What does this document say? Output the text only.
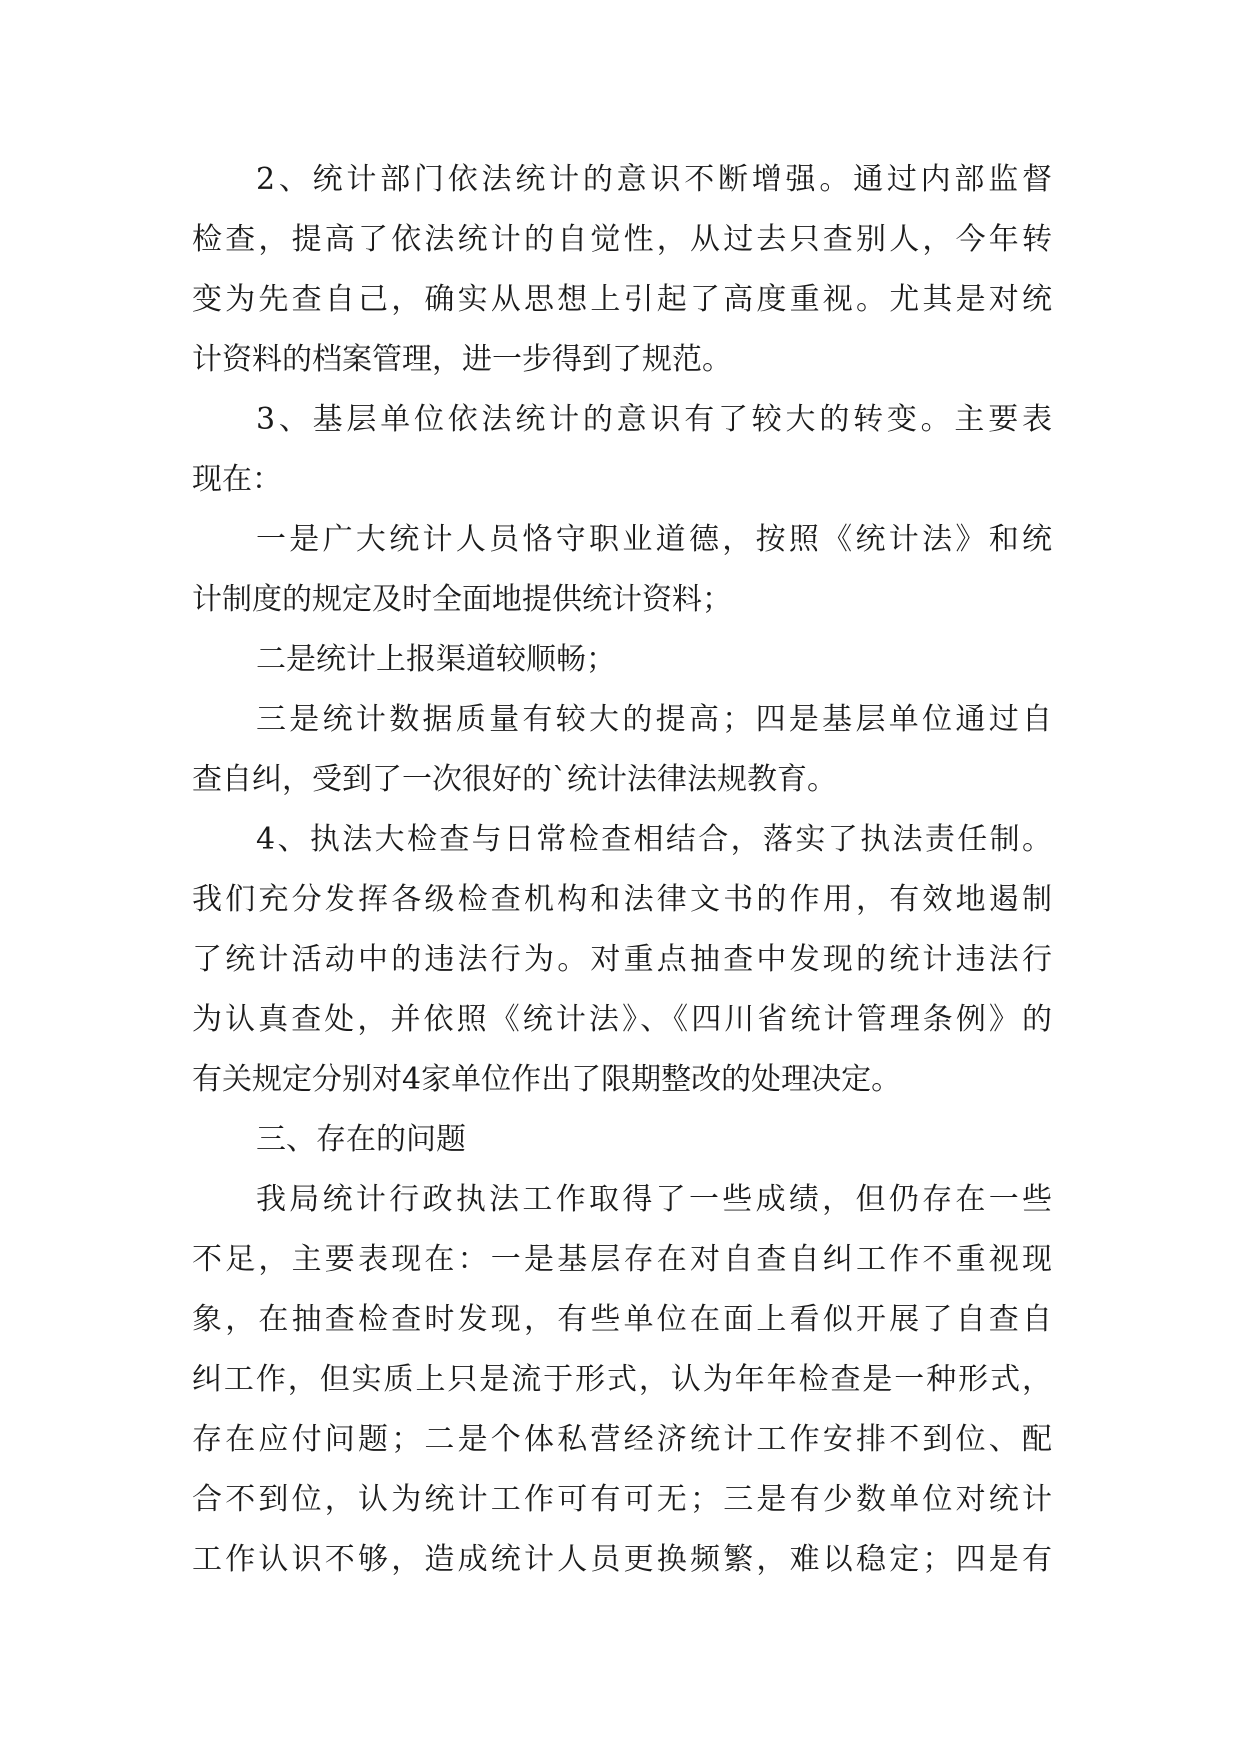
2、统计部门依法统计的意识不断增强。通过内部监督
检查，提高了依法统计的自觉性，从过去只查别人，今年转
变为先查自己，确实从思想上引起了高度重视。尤其是对统
计资料的档案管理，进一步得到了规范。
3、基层单位依法统计的意识有了较大的转变。主要表
现在：
一是广大统计人员恪守职业道德，按照《统计法》和统
计制度的规定及时全面地提供统计资料；
二是统计上报渠道较顺畅；
三是统计数据质量有较大的提高；四是基层单位通过自
查自纠，受到了一次很好的`统计法律法规教育。
4、执法大检查与日常检查相结合，落实了执法责任制。
我们充分发挥各级检查机构和法律文书的作用，有效地遏制
了统计活动中的违法行为。对重点抽查中发现的统计违法行
为认真查处，并依照《统计法》、《四川省统计管理条例》的
有关规定分别对4家单位作出了限期整改的处理决定。
三、存在的问题
我局统计行政执法工作取得了一些成绩，但仍存在一些
不足，主要表现在：一是基层存在对自查自纠工作不重视现
象，在抽查检查时发现，有些单位在面上看似开展了自查自
纠工作，但实质上只是流于形式，认为年年检查是一种形式，
存在应付问题；二是个体私营经济统计工作安排不到位、配
合不到位，认为统计工作可有可无；三是有少数单位对统计
工作认识不够，造成统计人员更换频繁，难以稳定；四是有
